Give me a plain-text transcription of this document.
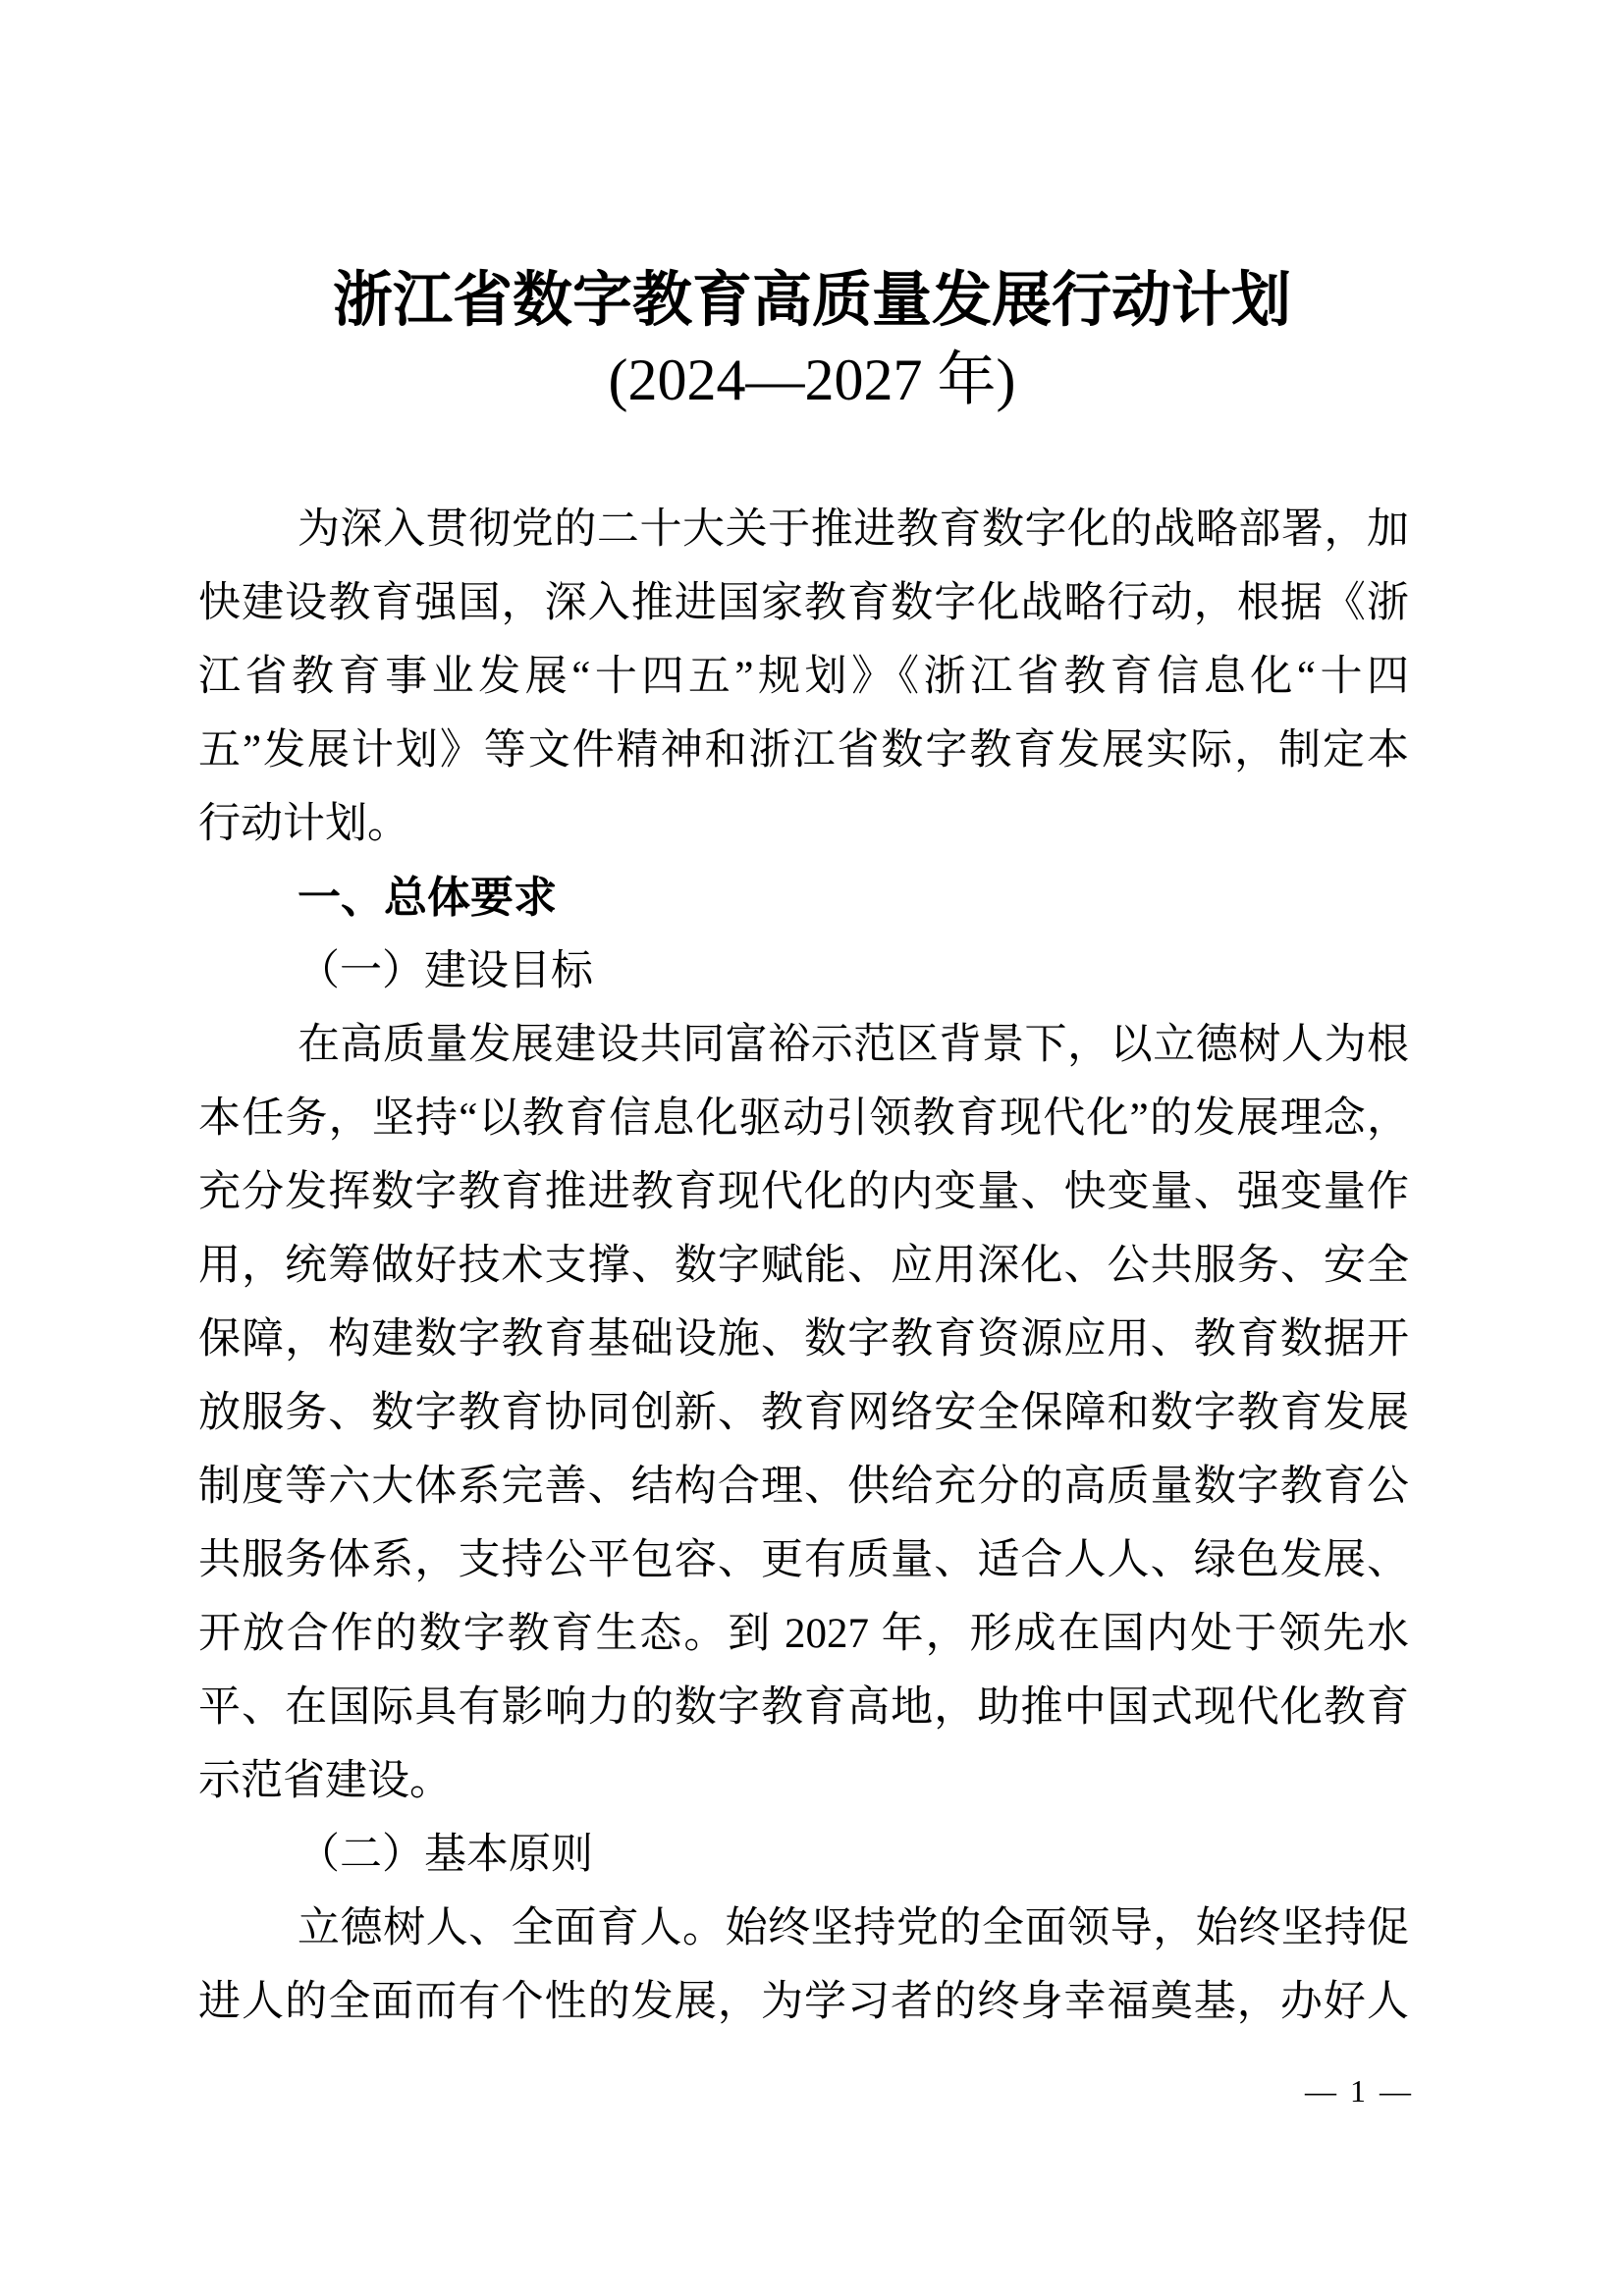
浙江省数字教育高质量发展行动计划
(2024—2027 年)
为深入贯彻党的二十大关于推进教育数字化的战略部署，加
快建设教育强国，深入推进国家教育数字化战略行动，根据《浙
江省教育事业发展“十四五”规划》《浙江省教育信息化“十四
五”发展计划》等文件精神和浙江省数字教育发展实际，制定本
行动计划。
一、总体要求
（一）建设目标
在高质量发展建设共同富裕示范区背景下，以立德树人为根
本任务，坚持“以教育信息化驱动引领教育现代化”的发展理念，
充分发挥数字教育推进教育现代化的内变量、快变量、强变量作
用，统筹做好技术支撑、数字赋能、应用深化、公共服务、安全
保障，构建数字教育基础设施、数字教育资源应用、教育数据开
放服务、数字教育协同创新、教育网络安全保障和数字教育发展
制度等六大体系完善、结构合理、供给充分的高质量数字教育公
共服务体系，支持公平包容、更有质量、适合人人、绿色发展、
开放合作的数字教育生态。到 2027 年，形成在国内处于领先水
平、在国际具有影响力的数字教育高地，助推中国式现代化教育
示范省建设。
（二）基本原则
立德树人、全面育人。始终坚持党的全面领导，始终坚持促
进人的全面而有个性的发展，为学习者的终身幸福奠基，办好人
— 1 —
